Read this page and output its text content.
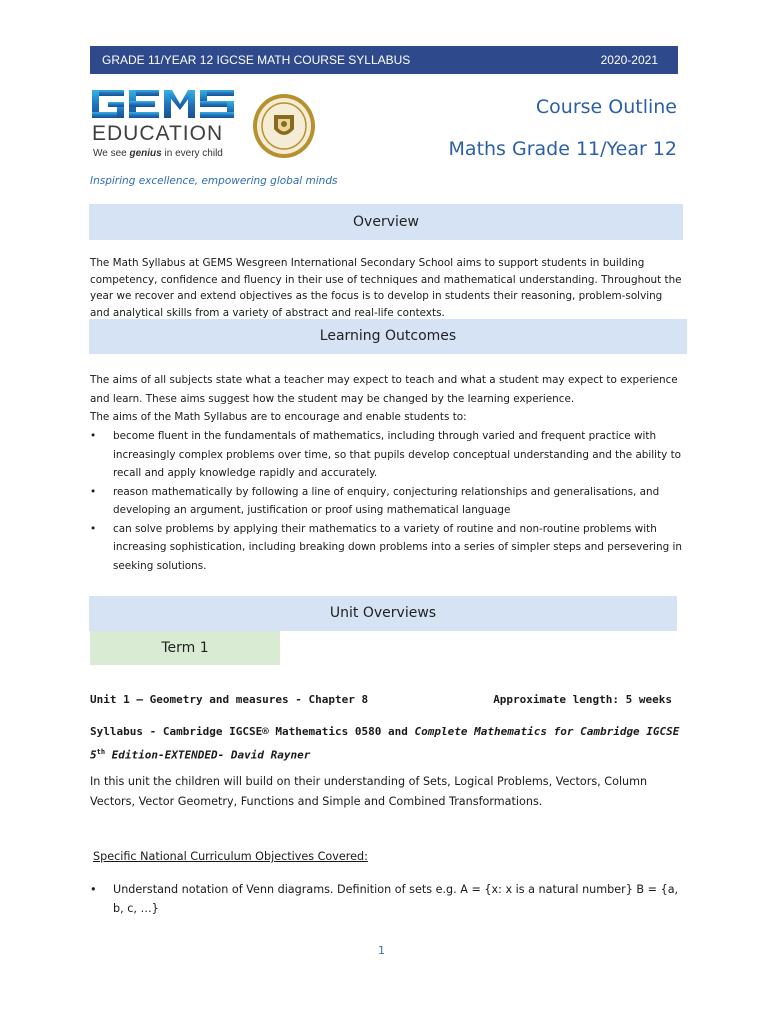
GRADE 11/YEAR 12 IGCSE MATH COURSE SYLLABUS	2020-2021
EDUCATION
We see genius in every child
Course Outline
Maths Grade 11/Year 12
Inspiring excellence, empowering global minds
Overview
The Math Syllabus at GEMS Wesgreen International Secondary School aims to support students in building competency, confidence and fluency in their use of techniques and mathematical understanding. Throughout the year we recover and extend objectives as the focus is to develop in students their reasoning, problem-solving and analytical skills from a variety of abstract and real-life contexts.
Learning Outcomes
The aims of all subjects state what a teacher may expect to teach and what a student may expect to experience and learn. These aims suggest how the student may be changed by the learning experience.
The aims of the Math Syllabus are to encourage and enable students to:
• become fluent in the fundamentals of mathematics, including through varied and frequent practice with increasingly complex problems over time, so that pupils develop conceptual understanding and the ability to recall and apply knowledge rapidly and accurately.
• reason mathematically by following a line of enquiry, conjecturing relationships and generalisations, and developing an argument, justification or proof using mathematical language
• can solve problems by applying their mathematics to a variety of routine and non-routine problems with increasing sophistication, including breaking down problems into a series of simpler steps and persevering in seeking solutions.
Unit Overviews
Term 1
Unit 1 – Geometry and measures - Chapter 8	Approximate length: 5 weeks
Syllabus - Cambridge IGCSE® Mathematics 0580 and Complete Mathematics for Cambridge IGCSE 5th Edition-EXTENDED- David Rayner
In this unit the children will build on their understanding of Sets, Logical Problems, Vectors, Column Vectors, Vector Geometry, Functions and Simple and Combined Transformations.
Specific National Curriculum Objectives Covered:
• Understand notation of Venn diagrams. Definition of sets e.g. A = {x: x is a natural number} B = {a, b, c, …}
1
